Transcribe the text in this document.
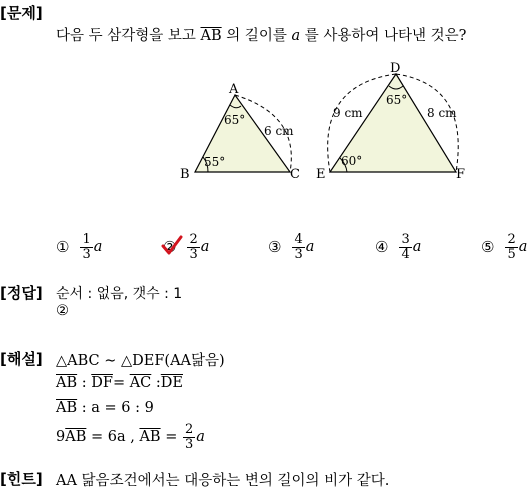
[문제]
다음 두 삼각형을 보고 $\overline{AB}$ 의 길이를 a 를 사용하여 나타낸 것은?
A
B	C
65°
55°
6 cm
D
E	F
65°
60°
9 cm	8 cm
① $\frac{1}{3}$ a	② $\frac{2}{3}$ a	③ $\frac{4}{3}$ a	④ $\frac{3}{4}$ a	⑤ $\frac{2}{5}$ a
[정답] 순서 : 없음, 갯수 : 1
②
[해설] △ABC ∼ △DEF(AA닮음)
$\overline{AB}$ : $\overline{DF}= \overline{AC}$ $:\overline{DE}$
$\overline{AB}$ : a = 6 : 9
9 $\overline{AB} = 6a$ , $\overline{AB} = \frac{2}{3}$ a
[힌트] AA 닮음조건에서는 대응하는 변의 길이의 비가 같다.
